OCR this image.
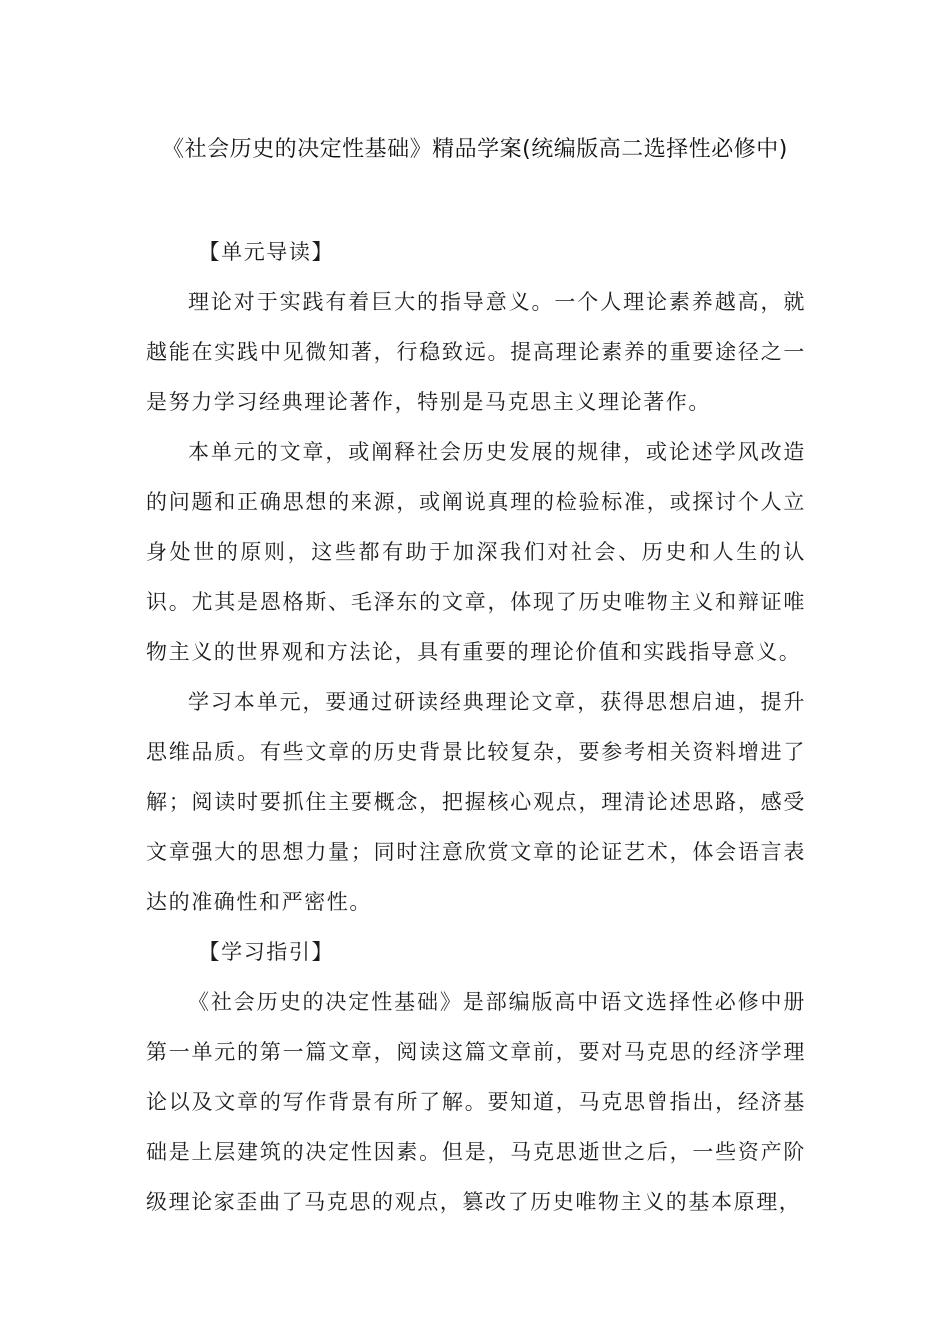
《社会历史的决定性基础》精品学案(统编版高二选择性必修中)

【单元导读】

理论对于实践有着巨大的指导意义。一个人理论素养越高，就越能在实践中见微知著，行稳致远。提高理论素养的重要途径之一是努力学习经典理论著作，特别是马克思主义理论著作。

本单元的文章，或阐释社会历史发展的规律，或论述学风改造的问题和正确思想的来源，或阐说真理的检验标准，或探讨个人立身处世的原则，这些都有助于加深我们对社会、历史和人生的认识。尤其是恩格斯、毛泽东的文章，体现了历史唯物主义和辩证唯物主义的世界观和方法论，具有重要的理论价值和实践指导意义。

学习本单元，要通过研读经典理论文章，获得思想启迪，提升思维品质。有些文章的历史背景比较复杂，要参考相关资料增进了解；阅读时要抓住主要概念，把握核心观点，理清论述思路，感受文章强大的思想力量；同时注意欣赏文章的论证艺术，体会语言表达的准确性和严密性。

【学习指引】

《社会历史的决定性基础》是部编版高中语文选择性必修中册第一单元的第一篇文章，阅读这篇文章前，要对马克思的经济学理论以及文章的写作背景有所了解。要知道，马克思曾指出，经济基础是上层建筑的决定性因素。但是，马克思逝世之后，一些资产阶级理论家歪曲了马克思的观点，篡改了历史唯物主义的基本原理，
